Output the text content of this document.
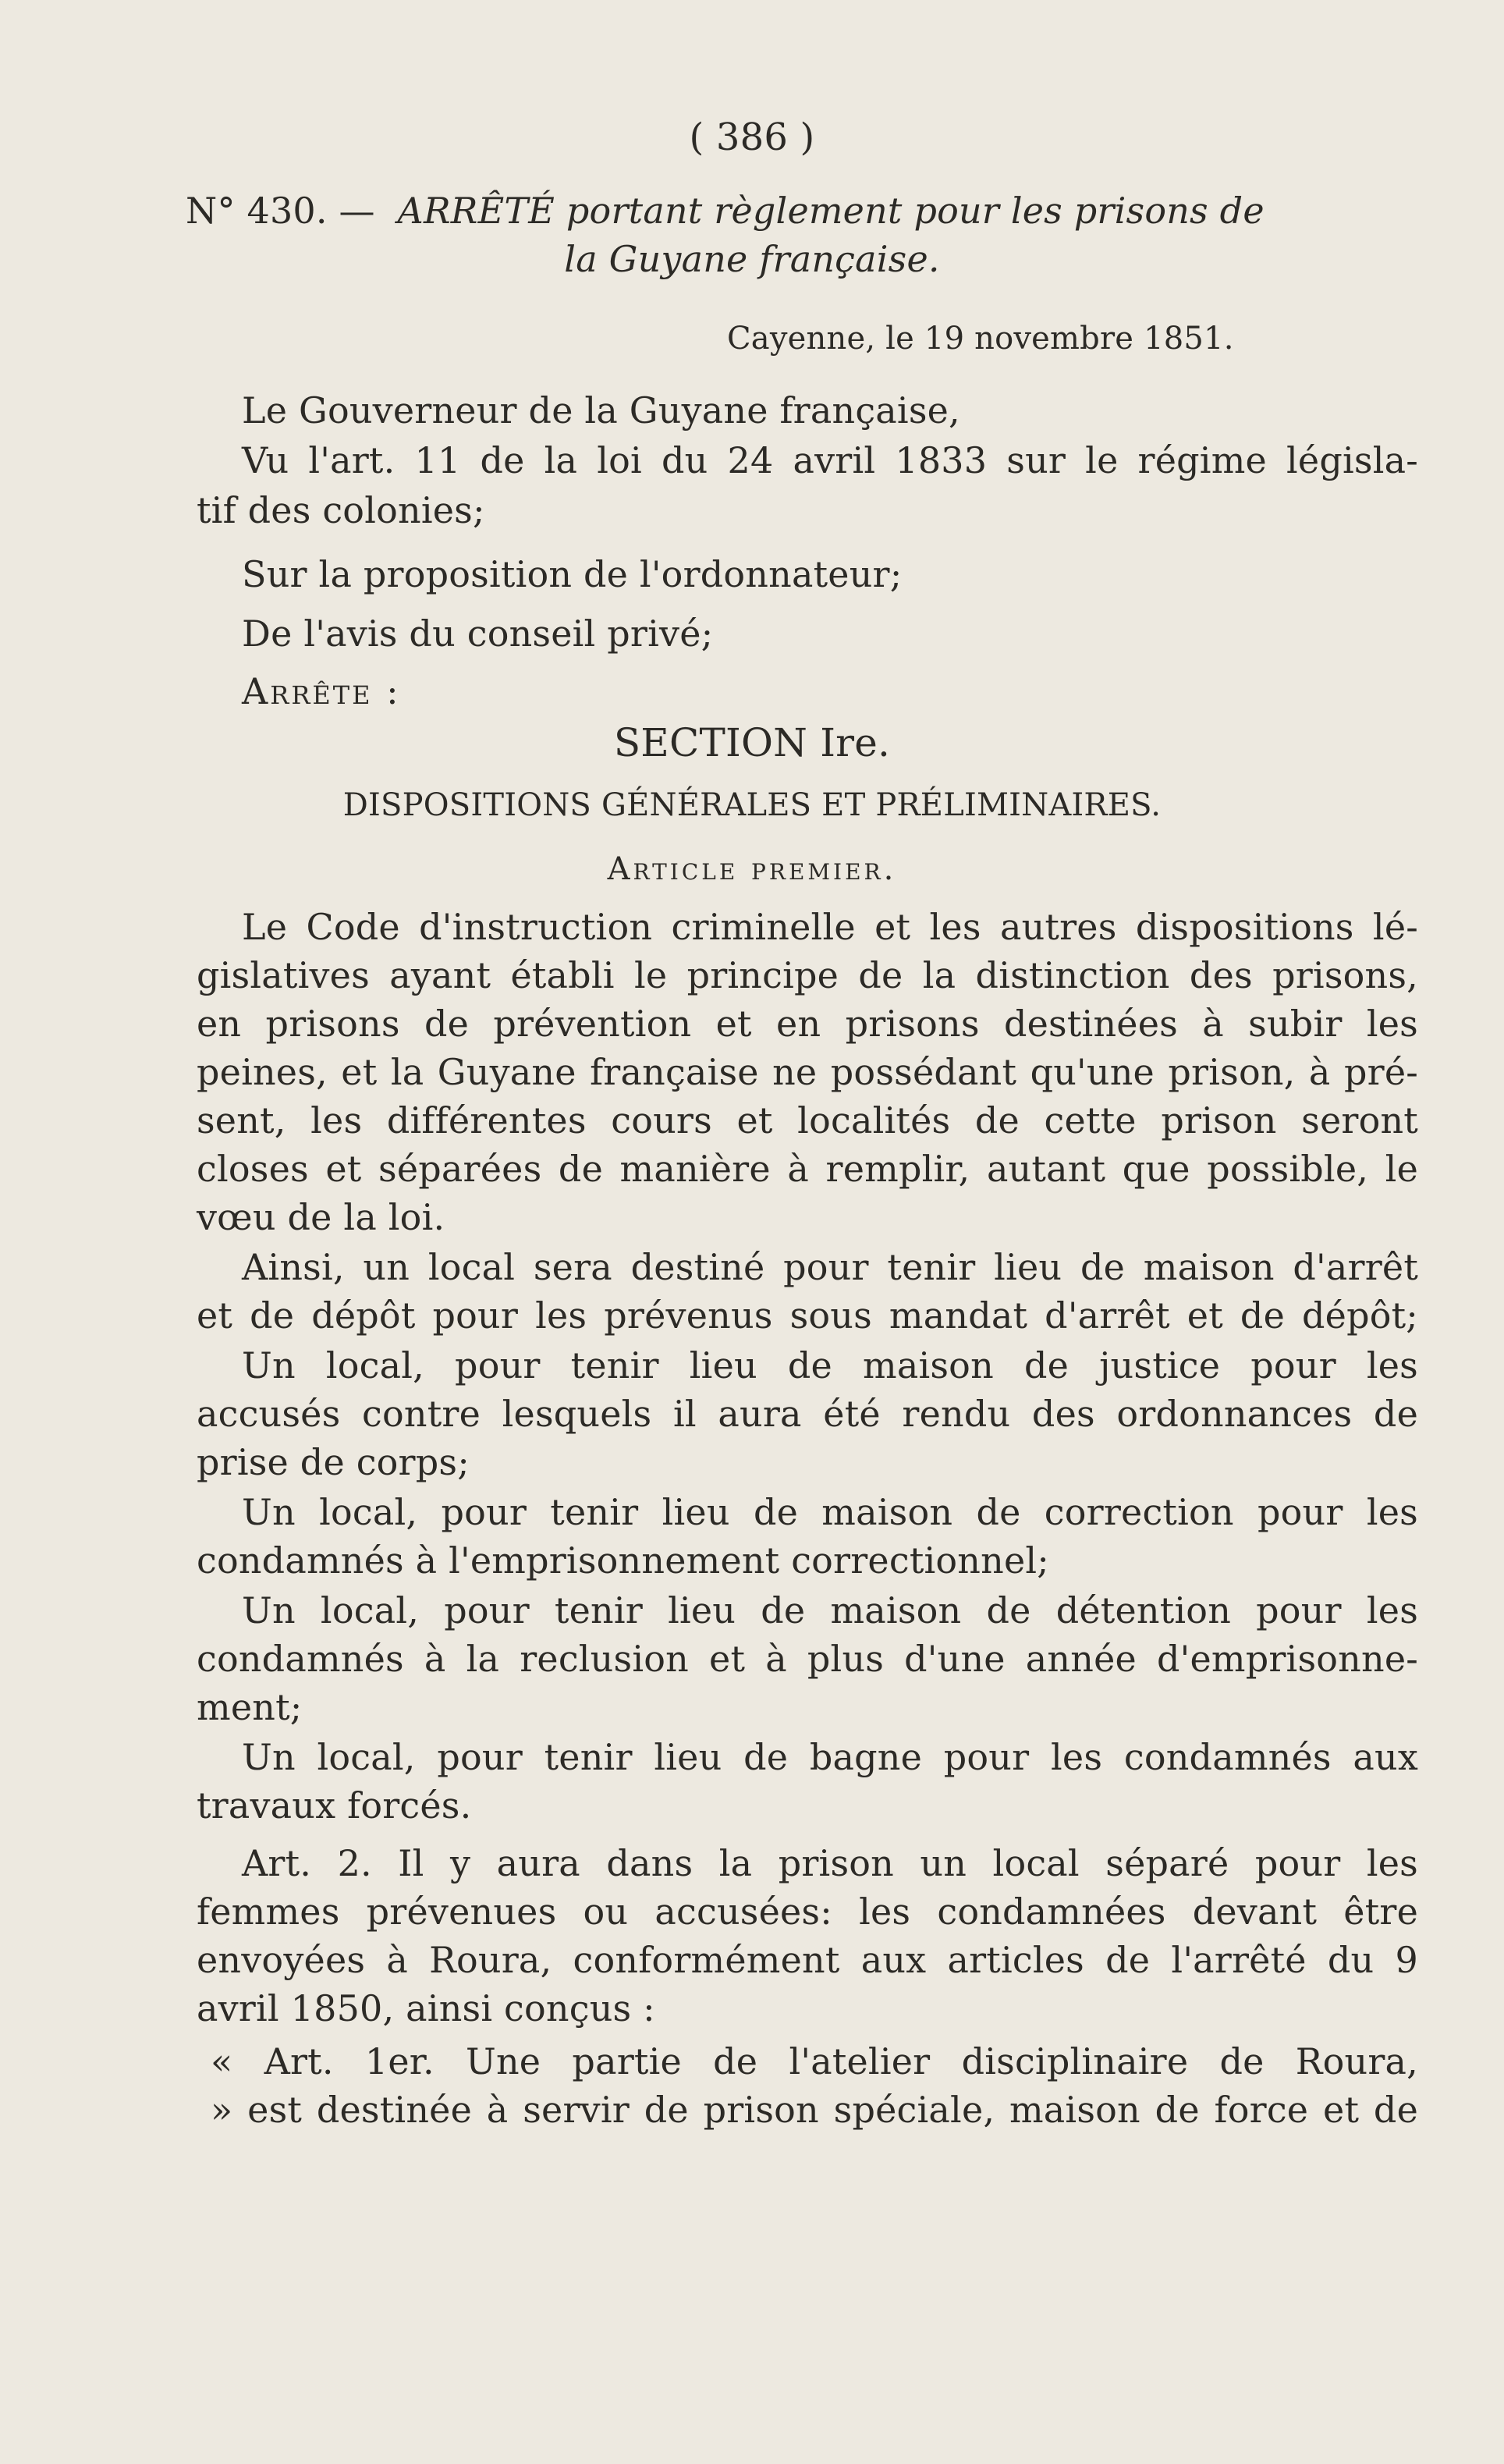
( 386 )
N° 430. — ARRÊTÉ portant règlement pour les prisons de
la Guyane française.
Cayenne, le 19 novembre 1851.
Le Gouverneur de la Guyane française,
Vu l'art. 11 de la loi du 24 avril 1833 sur le régime législa-
tif des colonies;
Sur la proposition de l'ordonnateur;
De l'avis du conseil privé;
Arrête :
SECTION Ire.
DISPOSITIONS GÉNÉRALES ET PRÉLIMINAIRES.
Article premier.
Le Code d'instruction criminelle et les autres dispositions lé-
gislatives ayant établi le principe de la distinction des prisons,
en prisons de prévention et en prisons destinées à subir les
peines, et la Guyane française ne possédant qu'une prison, à pré-
sent, les différentes cours et localités de cette prison seront
closes et séparées de manière à remplir, autant que possible, le
vœu de la loi.
Ainsi, un local sera destiné pour tenir lieu de maison d'arrêt
et de dépôt pour les prévenus sous mandat d'arrêt et de dépôt;
Un local, pour tenir lieu de maison de justice pour les
accusés contre lesquels il aura été rendu des ordonnances de
prise de corps;
Un local, pour tenir lieu de maison de correction pour les
condamnés à l'emprisonnement correctionnel;
Un local, pour tenir lieu de maison de détention pour les
condamnés à la reclusion et à plus d'une année d'emprisonne-
ment;
Un local, pour tenir lieu de bagne pour les condamnés aux
travaux forcés.
Art. 2. Il y aura dans la prison un local séparé pour les
femmes prévenues ou accusées: les condamnées devant être
envoyées à Roura, conformément aux articles de l'arrêté du 9
avril 1850, ainsi conçus :
« Art. 1er. Une partie de l'atelier disciplinaire de Roura,
» est destinée à servir de prison spéciale, maison de force et de
